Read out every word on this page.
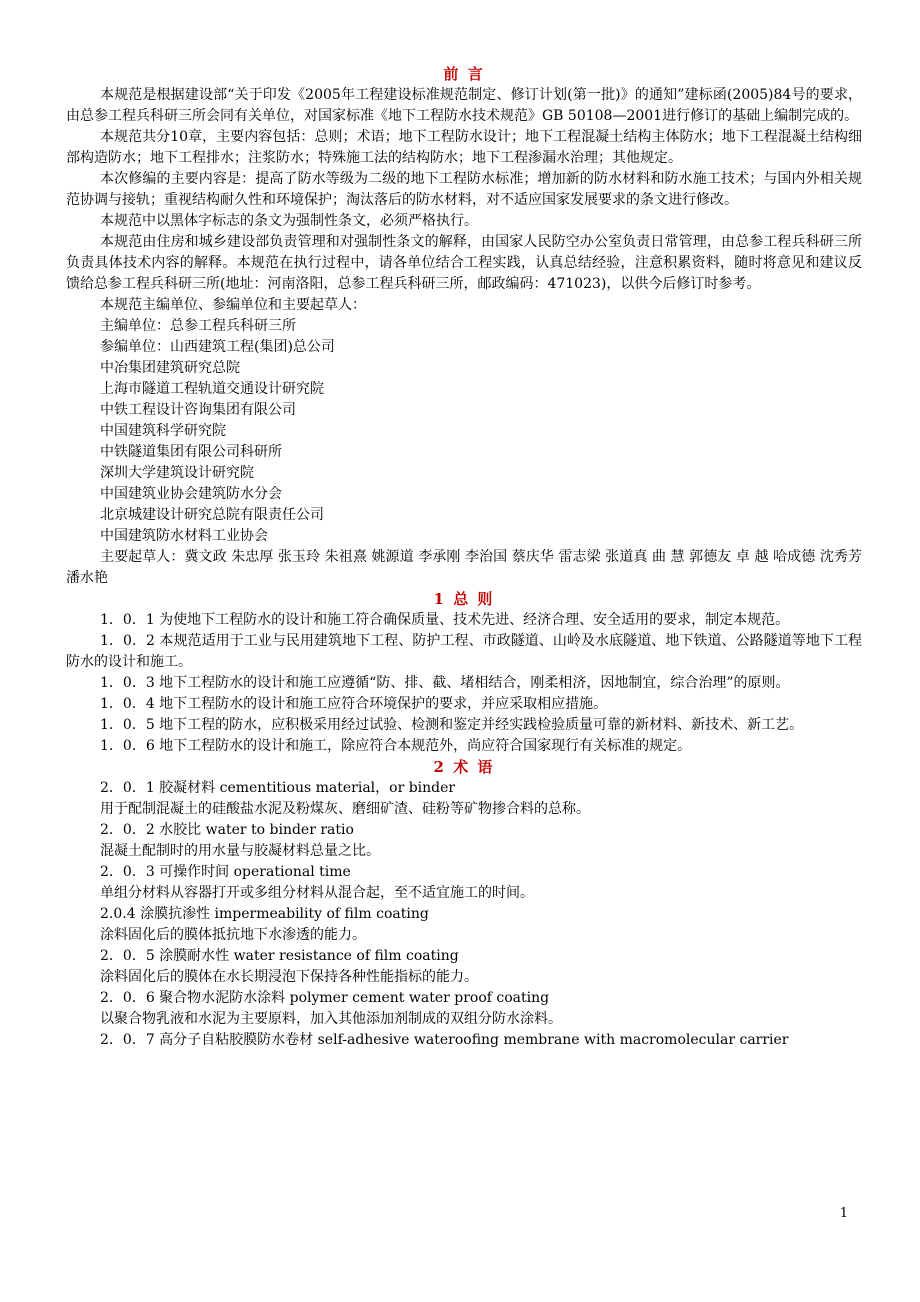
前 言

本规范是根据建设部“关于印发《2005年工程建设标准规范制定、修订计划(第一批)》的通知”建标函(2005)84号的要求，由总参工程兵科研三所会同有关单位，对国家标准《地下工程防水技术规范》GB 50108—2001进行修订的基础上编制完成的。

本规范共分10章，主要内容包括：总则；术语；地下工程防水设计；地下工程混凝土结构主体防水；地下工程混凝土结构细部构造防水；地下工程排水；注浆防水；特殊施工法的结构防水；地下工程渗漏水治理；其他规定。

本次修编的主要内容是：提高了防水等级为二级的地下工程防水标准；增加新的防水材料和防水施工技术；与国内外相关规范协调与接轨；重视结构耐久性和环境保护；淘汰落后的防水材料，对不适应国家发展要求的条文进行修改。

本规范中以黑体字标志的条文为强制性条文，必须严格执行。

本规范由住房和城乡建设部负责管理和对强制性条文的解释，由国家人民防空办公室负责日常管理，由总参工程兵科研三所负责具体技术内容的解释。本规范在执行过程中，请各单位结合工程实践，认真总结经验，注意积累资料，随时将意见和建议反馈给总参工程兵科研三所(地址：河南洛阳，总参工程兵科研三所，邮政编码：471023)，以供今后修订时参考。

本规范主编单位、参编单位和主要起草人：

主编单位：总参工程兵科研三所

参编单位：山西建筑工程(集团)总公司

中冶集团建筑研究总院

上海市隧道工程轨道交通设计研究院

中铁工程设计咨询集团有限公司

中国建筑科学研究院

中铁隧道集团有限公司科研所

深圳大学建筑设计研究院

中国建筑业协会建筑防水分会

北京城建设计研究总院有限责任公司

中国建筑防水材料工业协会

主要起草人：冀文政 朱忠厚 张玉玲 朱祖熹 姚源道 李承刚 李治国 蔡庆华 雷志梁 张道真 曲 慧 郭德友 卓 越 哈成德 沈秀芳 潘水艳

1 总 则

1．0．1 为使地下工程防水的设计和施工符合确保质量、技术先进、经济合理、安全适用的要求，制定本规范。

1．0．2 本规范适用于工业与民用建筑地下工程、防护工程、市政隧道、山岭及水底隧道、地下铁道、公路隧道等地下工程防水的设计和施工。

1．0．3 地下工程防水的设计和施工应遵循“防、排、截、堵相结合，刚柔相济，因地制宜，综合治理”的原则。

1．0．4 地下工程防水的设计和施工应符合环境保护的要求，并应采取相应措施。

1．0．5 地下工程的防水，应积极采用经过试验、检测和鉴定并经实践检验质量可靠的新材料、新技术、新工艺。

1．0．6 地下工程防水的设计和施工，除应符合本规范外，尚应符合国家现行有关标准的规定。

2 术 语

2．0．1 胶凝材料 cementitious material，or binder

用于配制混凝土的硅酸盐水泥及粉煤灰、磨细矿渣、硅粉等矿物掺合料的总称。

2．0．2 水胶比 water to binder ratio

混凝土配制时的用水量与胶凝材料总量之比。

2．0．3 可操作时间 operational time

单组分材料从容器打开或多组分材料从混合起，至不适宜施工的时间。

2.0.4 涂膜抗渗性 impermeability of film coating

涂料固化后的膜体抵抗地下水渗透的能力。

2．0．5 涂膜耐水性 water resistance of film coating

涂料固化后的膜体在水长期浸泡下保持各种性能指标的能力。

2．0．6 聚合物水泥防水涂料 polymer cement water proof coating

以聚合物乳液和水泥为主要原料，加入其他添加剂制成的双组分防水涂料。

2．0．7 高分子自粘胶膜防水卷材 self-adhesive wateroofing membrane with macromolecular carrier

1
